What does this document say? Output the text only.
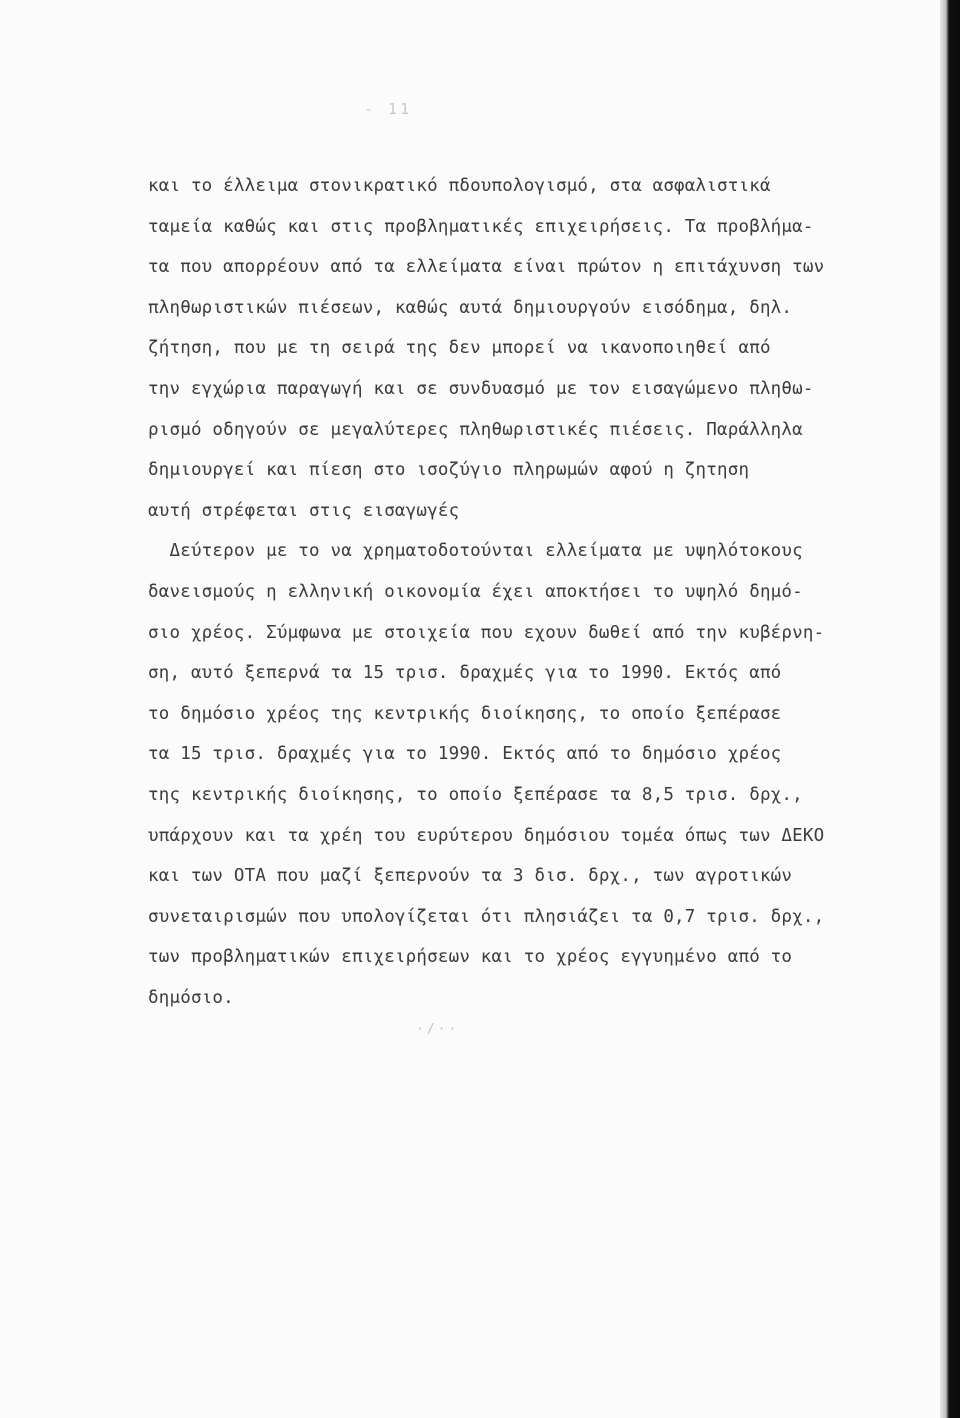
- 11
και το έλλειμα στονικρατικό πδουπολογισμό, στα ασφαλιστικά
ταμεία καθώς και στις προβληματικές επιχειρήσεις. Τα προβλήμα-
τα που απορρέουν από τα ελλείματα είναι πρώτον η επιτάχυνση των
πληθωριστικών πιέσεων, καθώς αυτά δημιουργούν εισόδημα, δηλ.
ζήτηση, που με τη σειρά της δεν μπορεί να ικανοποιηθεί από
την εγχώρια παραγωγή και σε συνδυασμό με τον εισαγώμενο πληθω-
ρισμό οδηγούν σε μεγαλύτερες πληθωριστικές πιέσεις. Παράλληλα
δημιουργεί και πίεση στο ισοζύγιο πληρωμών αφού η ζητηση
αυτή στρέφεται στις εισαγωγές
Δεύτερον με το να χρηματοδοτούνται ελλείματα με υψηλότοκους
δανεισμούς η ελληνική οικονομία έχει αποκτήσει το υψηλό δημό-
σιο χρέος. Σύμφωνα με στοιχεία που εχουν δωθεί από την κυβέρνη-
ση, αυτό ξεπερνά τα 15 τρισ. δραχμές για το 1990. Εκτός από
το δημόσιο χρέος της κεντρικής διοίκησης, το οποίο ξεπέρασε
τα 15 τρισ. δραχμές για το 1990. Εκτός από το δημόσιο χρέος
της κεντρικής διοίκησης, το οποίο ξεπέρασε τα 8,5 τρισ. δρχ.,
υπάρχουν και τα χρέη του ευρύτερου δημόσιου τομέα όπως των ΔΕΚΟ
και των ΟΤΑ που μαζί ξεπερνούν τα 3 δισ. δρχ., των αγροτικών
συνεταιρισμών που υπολογίζεται ότι πλησιάζει τα 0,7 τρισ. δρχ.,
των προβληματικών επιχειρήσεων και το χρέος εγγυημένο από το
δημόσιο.
·/··
